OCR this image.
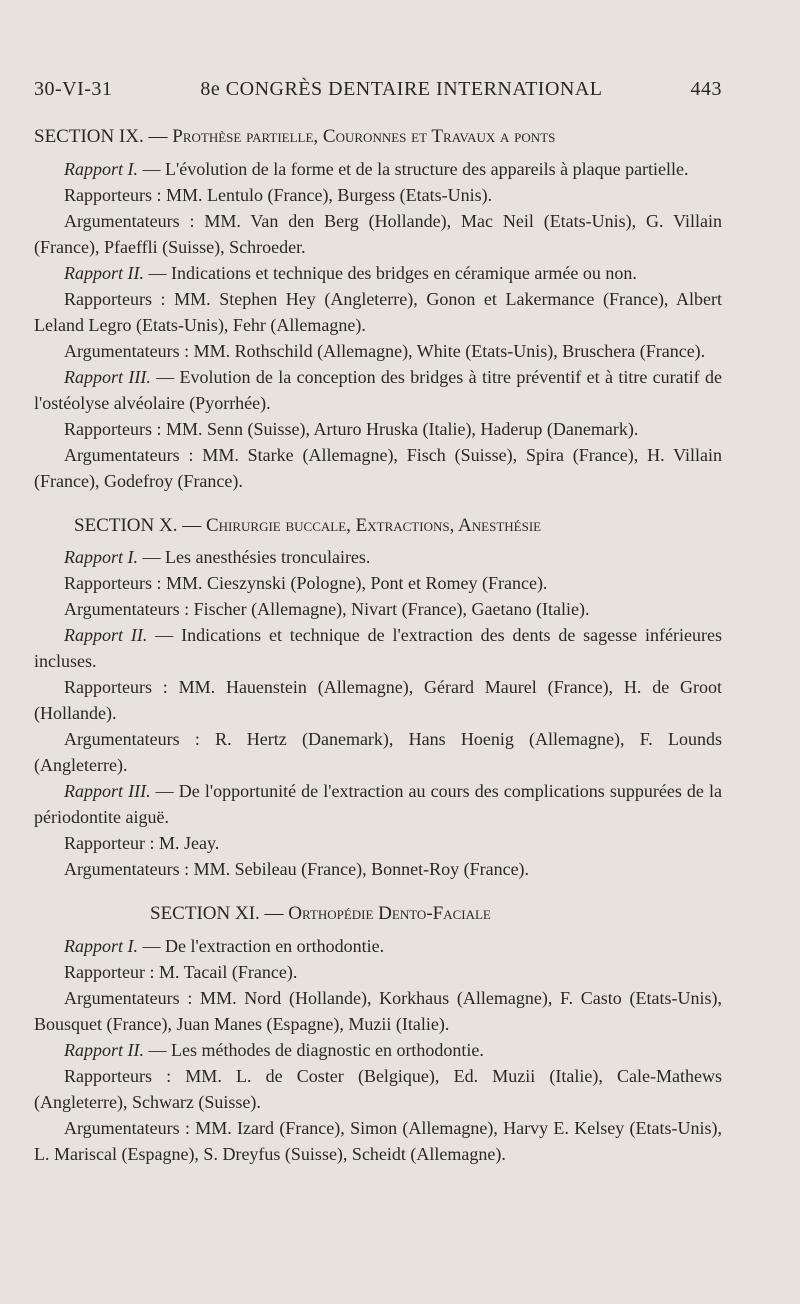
30-VI-31	8e CONGRÈS DENTAIRE INTERNATIONAL	443

SECTION IX. — Prothèse partielle, Couronnes et Travaux a ponts

Rapport I. — L'évolution de la forme et de la structure des appareils à plaque partielle.

Rapporteurs : MM. Lentulo (France), Burgess (Etats-Unis).

Argumentateurs : MM. Van den Berg (Hollande), Mac Neil (Etats-Unis), G. Villain (France), Pfaeffli (Suisse), Schroeder.

Rapport II. — Indications et technique des bridges en céramique armée ou non.

Rapporteurs : MM. Stephen Hey (Angleterre), Gonon et Lakermance (France), Albert Leland Legro (Etats-Unis), Fehr (Allemagne).

Argumentateurs : MM. Rothschild (Allemagne), White (Etats-Unis), Bruschera (France).

Rapport III. — Evolution de la conception des bridges à titre préventif et à titre curatif de l'ostéolyse alvéolaire (Pyorrhée).

Rapporteurs : MM. Senn (Suisse), Arturo Hruska (Italie), Haderup (Danemark).

Argumentateurs : MM. Starke (Allemagne), Fisch (Suisse), Spira (France), H. Villain (France), Godefroy (France).

SECTION X. — Chirurgie buccale, Extractions, Anesthésie

Rapport I. — Les anesthésies tronculaires.

Rapporteurs : MM. Cieszynski (Pologne), Pont et Romey (France).

Argumentateurs : Fischer (Allemagne), Nivart (France), Gaetano (Italie).

Rapport II. — Indications et technique de l'extraction des dents de sagesse inférieures incluses.

Rapporteurs : MM. Hauenstein (Allemagne), Gérard Maurel (France), H. de Groot (Hollande).

Argumentateurs : R. Hertz (Danemark), Hans Hoenig (Allemagne), F. Lounds (Angleterre).

Rapport III. — De l'opportunité de l'extraction au cours des complications suppurées de la périodontite aiguë.

Rapporteur : M. Jeay.

Argumentateurs : MM. Sebileau (France), Bonnet-Roy (France).

SECTION XI. — Orthopédie Dento-Faciale

Rapport I. — De l'extraction en orthodontie.

Rapporteur : M. Tacail (France).

Argumentateurs : MM. Nord (Hollande), Korkhaus (Allemagne), F. Casto (Etats-Unis), Bousquet (France), Juan Manes (Espagne), Muzii (Italie).

Rapport II. — Les méthodes de diagnostic en orthodontie.

Rapporteurs : MM. L. de Coster (Belgique), Ed. Muzii (Italie), Cale-Mathews (Angleterre), Schwarz (Suisse).

Argumentateurs : MM. Izard (France), Simon (Allemagne), Harvy E. Kelsey (Etats-Unis), L. Mariscal (Espagne), S. Dreyfus (Suisse), Scheidt (Allemagne).
